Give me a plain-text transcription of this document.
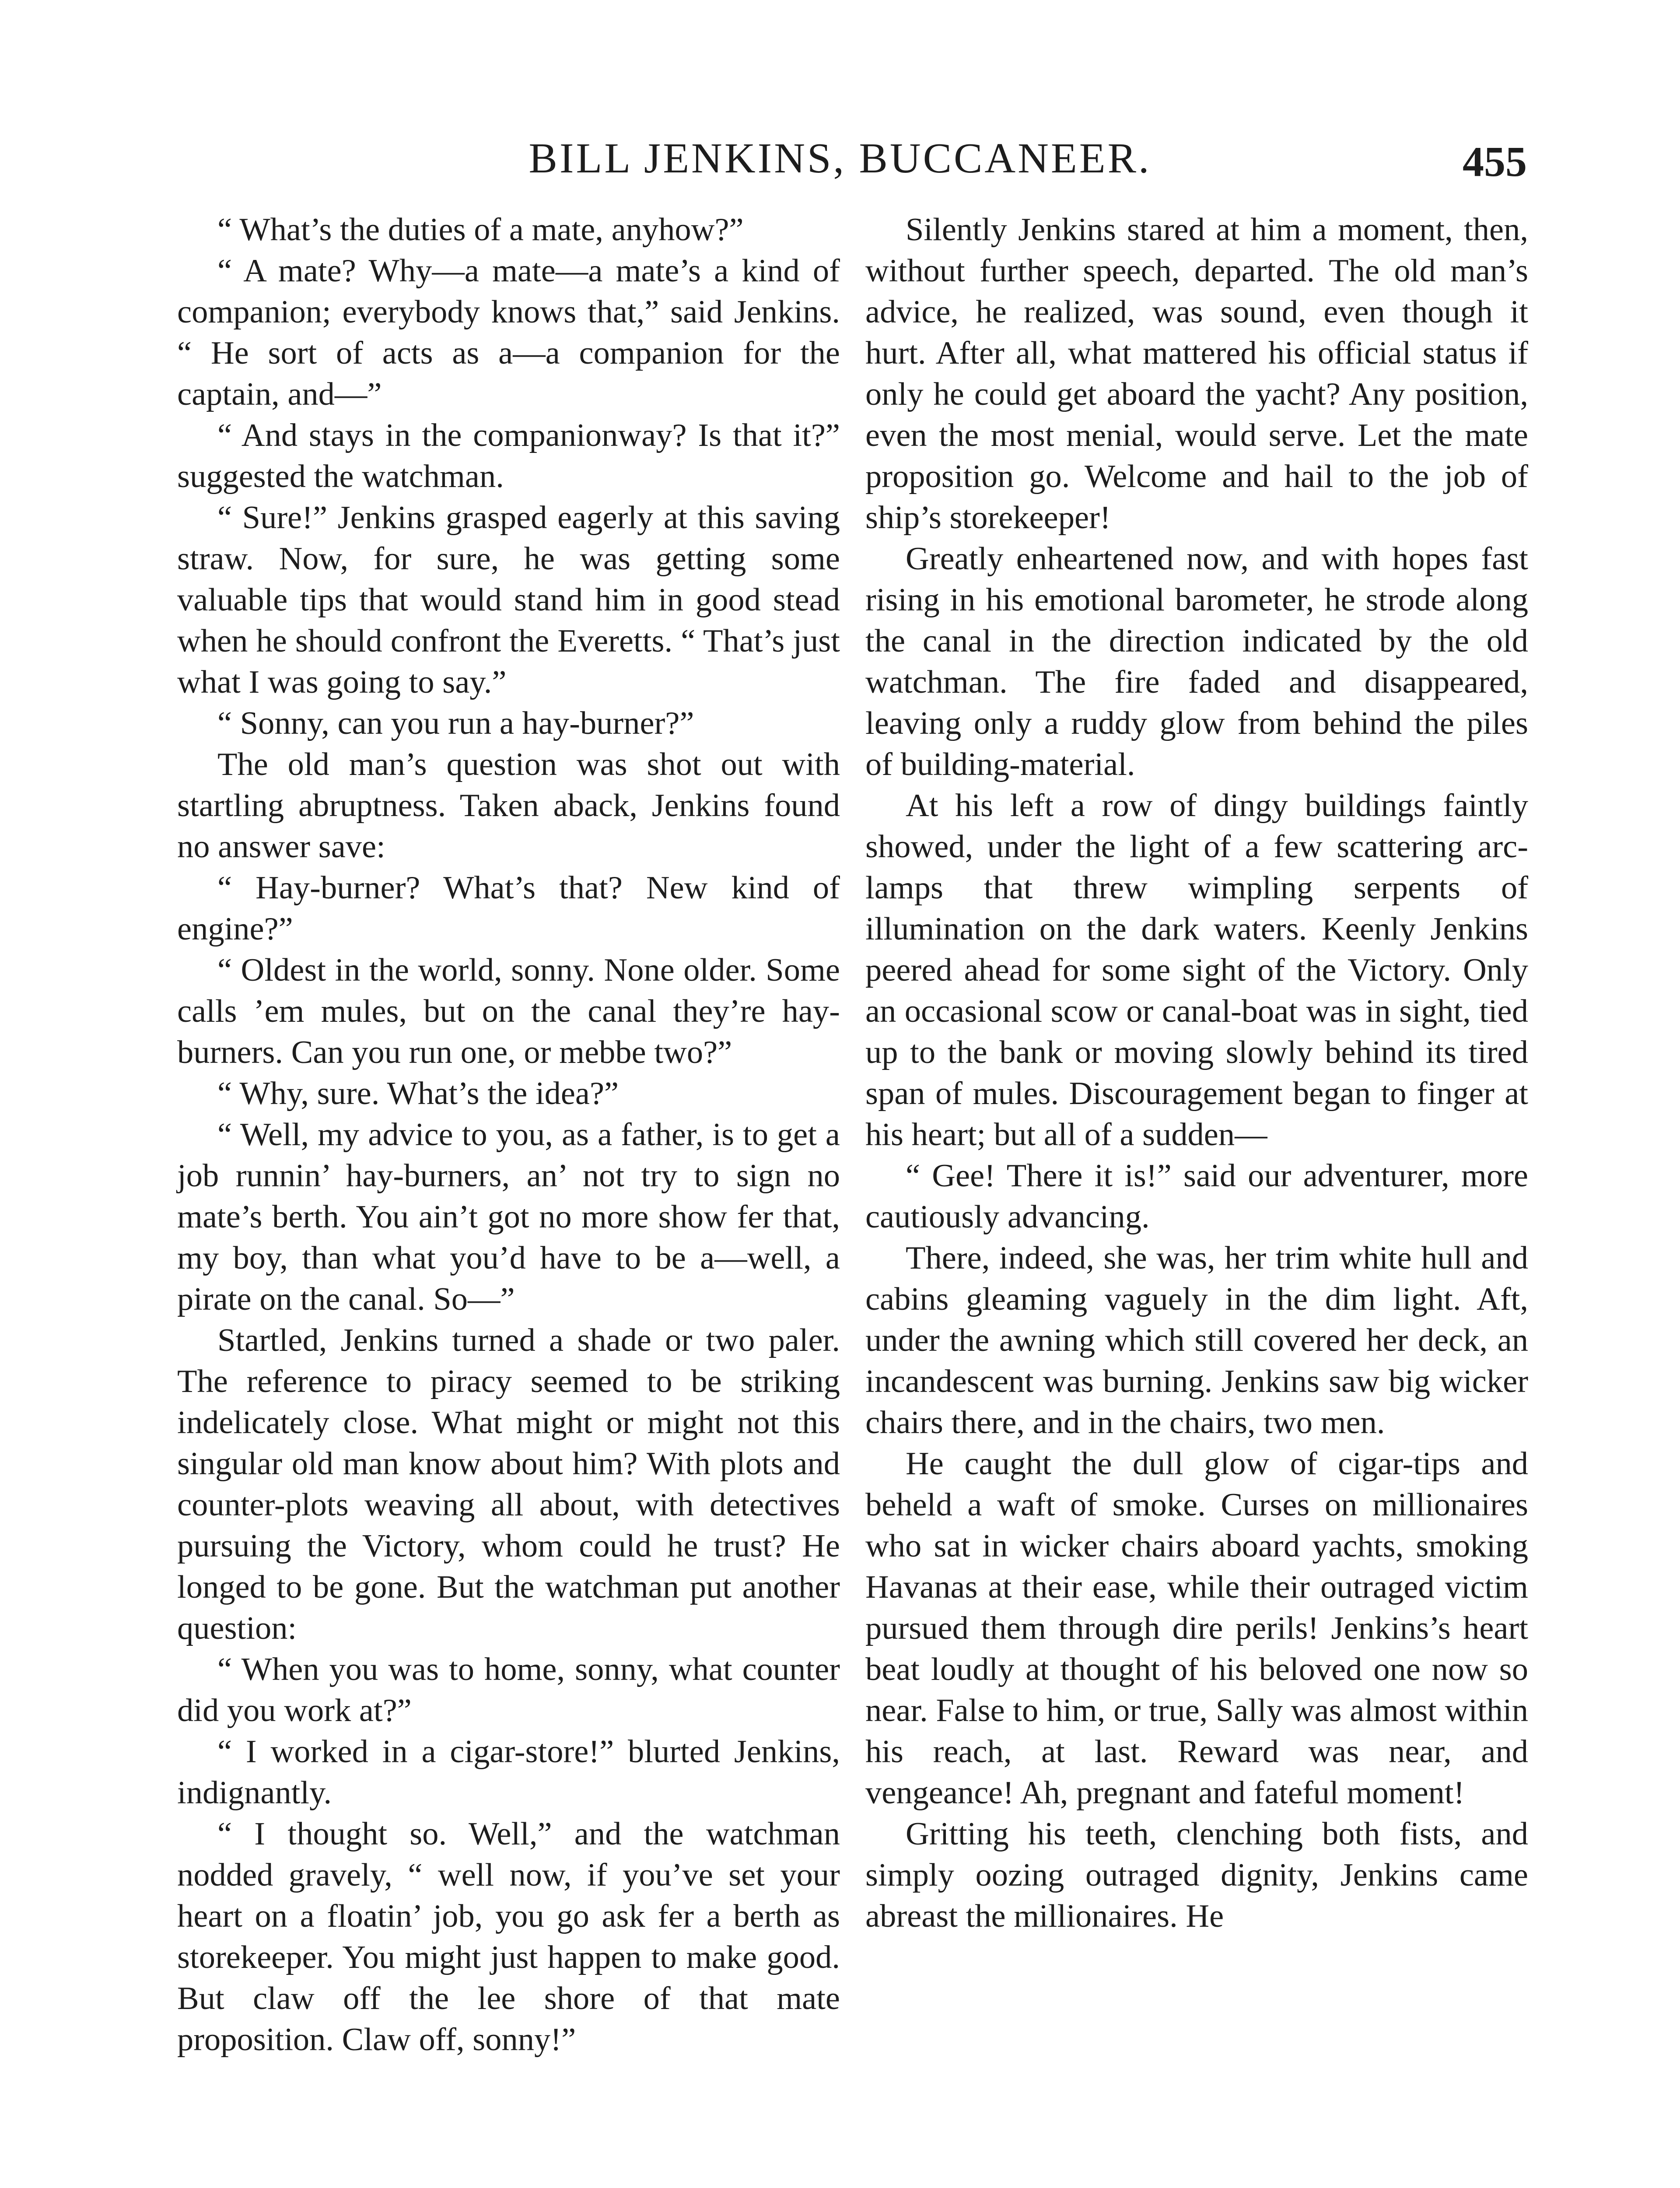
BILL JENKINS, BUCCANEER.	455

“ What’s the duties of a mate, anyhow?”

“ A mate? Why—a mate—a mate’s a kind of companion; everybody knows that,” said Jenkins. “ He sort of acts as a—a companion for the captain, and—”

“ And stays in the companionway? Is that it?” suggested the watchman.

“ Sure!” Jenkins grasped eagerly at this saving straw. Now, for sure, he was getting some valuable tips that would stand him in good stead when he should confront the Everetts. “ That’s just what I was going to say.”

“ Sonny, can you run a hay-burner?”

The old man’s question was shot out with startling abruptness. Taken aback, Jenkins found no answer save:

“ Hay-burner? What’s that? New kind of engine?”

“ Oldest in the world, sonny. None older. Some calls ’em mules, but on the canal they’re hay-burners. Can you run one, or mebbe two?”

“ Why, sure. What’s the idea?”

“ Well, my advice to you, as a father, is to get a job runnin’ hay-burners, an’ not try to sign no mate’s berth. You ain’t got no more show fer that, my boy, than what you’d have to be a—well, a pirate on the canal. So—”

Startled, Jenkins turned a shade or two paler. The reference to piracy seemed to be striking indelicately close. What might or might not this singular old man know about him? With plots and counter-plots weaving all about, with detectives pursuing the Victory, whom could he trust? He longed to be gone. But the watchman put another question:

“ When you was to home, sonny, what counter did you work at?”

“ I worked in a cigar-store!” blurted Jenkins, indignantly.

“ I thought so. Well,” and the watchman nodded gravely, “ well now, if you’ve set your heart on a floatin’ job, you go ask fer a berth as storekeeper. You might just happen to make good. But claw off the lee shore of that mate proposition. Claw off, sonny!”

Silently Jenkins stared at him a moment, then, without further speech, departed. The old man’s advice, he realized, was sound, even though it hurt. After all, what mattered his official status if only he could get aboard the yacht? Any position, even the most menial, would serve. Let the mate proposition go. Welcome and hail to the job of ship’s storekeeper!

Greatly enheartened now, and with hopes fast rising in his emotional barometer, he strode along the canal in the direction indicated by the old watchman. The fire faded and disappeared, leaving only a ruddy glow from behind the piles of building-material.

At his left a row of dingy buildings faintly showed, under the light of a few scattering arc-lamps that threw wimpling serpents of illumination on the dark waters. Keenly Jenkins peered ahead for some sight of the Victory. Only an occasional scow or canal-boat was in sight, tied up to the bank or moving slowly behind its tired span of mules. Discouragement began to finger at his heart; but all of a sudden—

“ Gee! There it is!” said our adventurer, more cautiously advancing.

There, indeed, she was, her trim white hull and cabins gleaming vaguely in the dim light. Aft, under the awning which still covered her deck, an incandescent was burning. Jenkins saw big wicker chairs there, and in the chairs, two men.

He caught the dull glow of cigar-tips and beheld a waft of smoke. Curses on millionaires who sat in wicker chairs aboard yachts, smoking Havanas at their ease, while their outraged victim pursued them through dire perils! Jenkins’s heart beat loudly at thought of his beloved one now so near. False to him, or true, Sally was almost within his reach, at last. Reward was near, and vengeance! Ah, pregnant and fateful moment!

Gritting his teeth, clenching both fists, and simply oozing outraged dignity, Jenkins came abreast the millionaires. He
